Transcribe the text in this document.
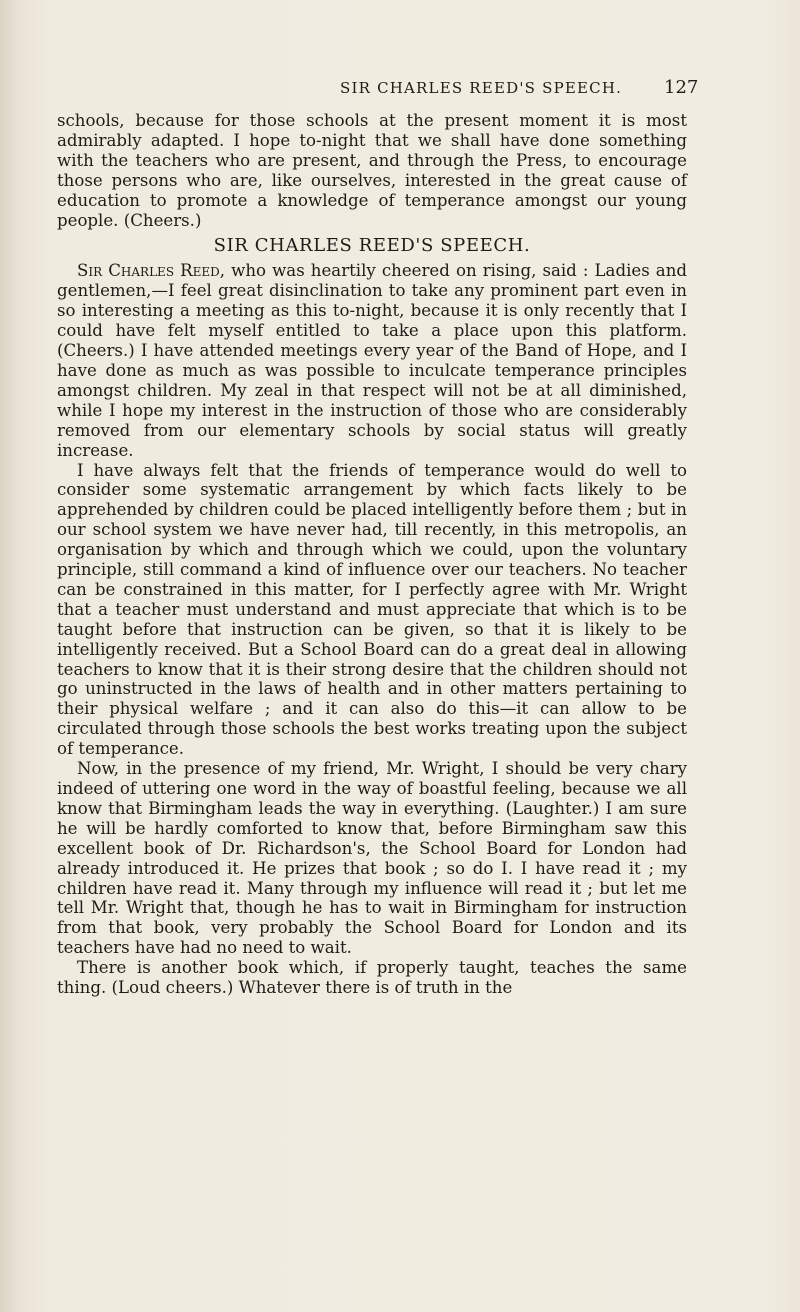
SIR CHARLES REED'S SPEECH. 127

schools, because for those schools at the present moment it is most admirably adapted. I hope to-night that we shall have done something with the teachers who are present, and through the Press, to encourage those persons who are, like ourselves, interested in the great cause of education to promote a knowledge of temperance amongst our young people. (Cheers.)

SIR CHARLES REED'S SPEECH.

Sir Charles Reed, who was heartily cheered on rising, said : Ladies and gentlemen,—I feel great disinclination to take any prominent part even in so interesting a meeting as this to-night, because it is only recently that I could have felt myself entitled to take a place upon this platform. (Cheers.) I have attended meetings every year of the Band of Hope, and I have done as much as was possible to inculcate temperance principles amongst children. My zeal in that respect will not be at all diminished, while I hope my interest in the instruction of those who are considerably removed from our elementary schools by social status will greatly increase.

I have always felt that the friends of temperance would do well to consider some systematic arrangement by which facts likely to be apprehended by children could be placed intelligently before them ; but in our school system we have never had, till recently, in this metropolis, an organisation by which and through which we could, upon the voluntary principle, still command a kind of influence over our teachers. No teacher can be constrained in this matter, for I perfectly agree with Mr. Wright that a teacher must understand and must appreciate that which is to be taught before that instruction can be given, so that it is likely to be intelligently received. But a School Board can do a great deal in allowing teachers to know that it is their strong desire that the children should not go uninstructed in the laws of health and in other matters pertaining to their physical welfare ; and it can also do this—it can allow to be circulated through those schools the best works treating upon the subject of temperance.

Now, in the presence of my friend, Mr. Wright, I should be very chary indeed of uttering one word in the way of boastful feeling, because we all know that Birmingham leads the way in everything. (Laughter.) I am sure he will be hardly comforted to know that, before Birmingham saw this excellent book of Dr. Richardson's, the School Board for London had already introduced it. He prizes that book ; so do I. I have read it ; my children have read it. Many through my influence will read it ; but let me tell Mr. Wright that, though he has to wait in Birmingham for instruction from that book, very probably the School Board for London and its teachers have had no need to wait.

There is another book which, if properly taught, teaches the same thing. (Loud cheers.) Whatever there is of truth in the
